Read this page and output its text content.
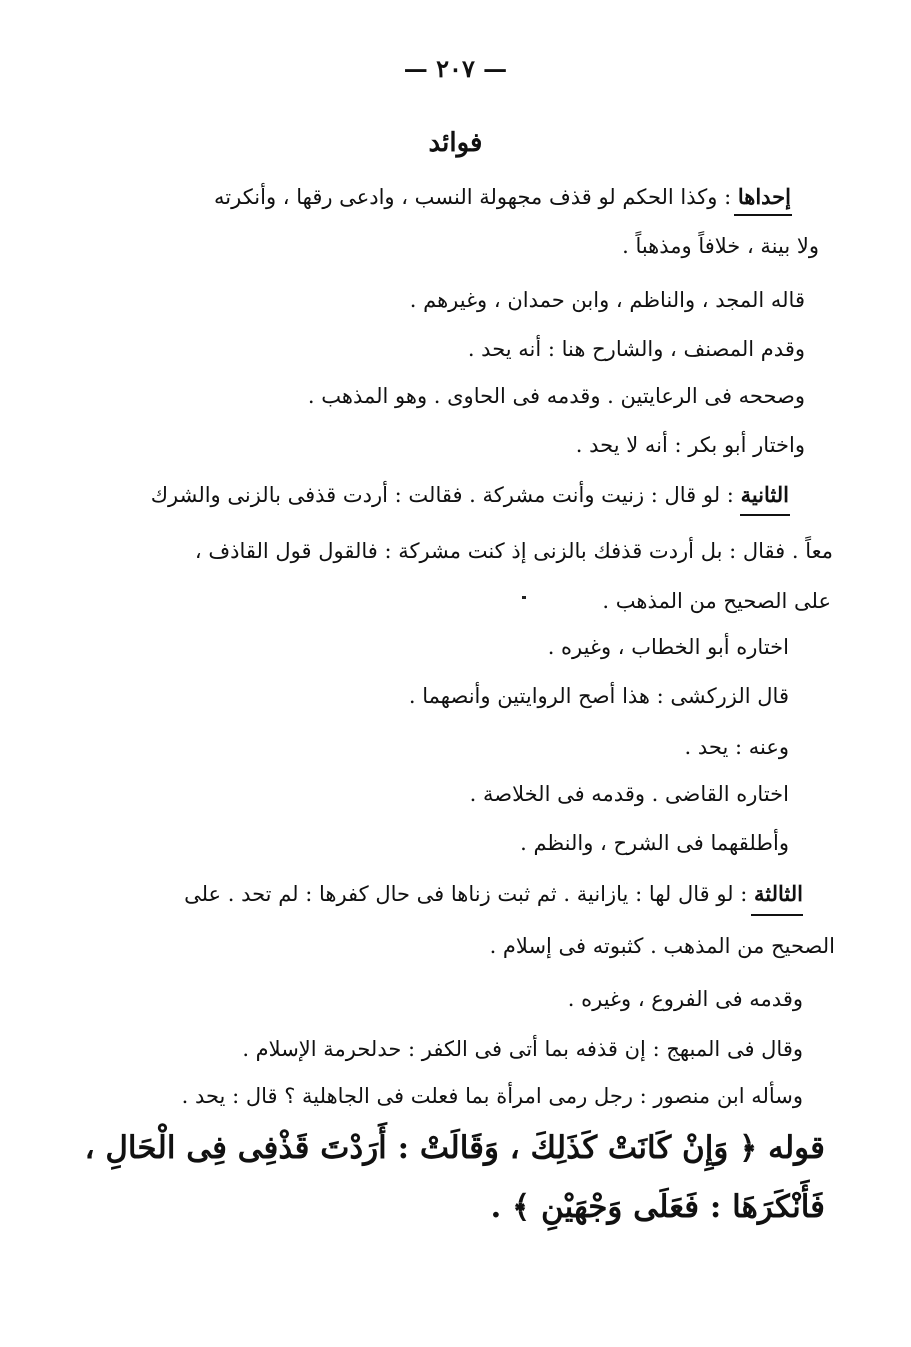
— ٢٠٧ —
فوائد
إحداها : وكذا الحكم لو قذف مجهولة النسب ، وادعى رقها ، وأنكرته
ولا بينة ، خلافاً ومذهباً .
قاله المجد ، والناظم ، وابن حمدان ، وغيرهم .
وقدم المصنف ، والشارح هنا : أنه يحد .
وصححه فى الرعايتين . وقدمه فى الحاوى . وهو المذهب .
واختار أبو بكر : أنه لا يحد .
الثانية : لو قال : زنيت وأنت مشركة . فقالت : أردت قذفى بالزنى والشرك
معاً . فقال : بل أردت قذفك بالزنى إذ كنت مشركة : فالقول قول القاذف ،
على الصحيح من المذهب .
اختاره أبو الخطاب ، وغيره .
قال الزركشى : هذا أصح الروايتين وأنصهما .
وعنه : يحد .
اختاره القاضى . وقدمه فى الخلاصة .
وأطلقهما فى الشرح ، والنظم .
الثالثة : لو قال لها : يازانية . ثم ثبت زناها فى حال كفرها : لم تحد . على
الصحيح من المذهب . كثبوته فى إسلام .
وقدمه فى الفروع ، وغيره .
وقال فى المبهج : إن قذفه بما أتى فى الكفر : حدلحرمة الإسلام .
وسأله ابن منصور : رجل رمى امرأة بما فعلت فى الجاهلية ؟ قال : يحد .
قوله ﴿ وَإِنْ كَانَتْ كَذَلِكَ ، وَقَالَتْ : أَرَدْتَ قَذْفِى فِى الْحَالِ ،
فَأَنْكَرَهَا : فَعَلَى وَجْهَيْنِ ﴾ .
